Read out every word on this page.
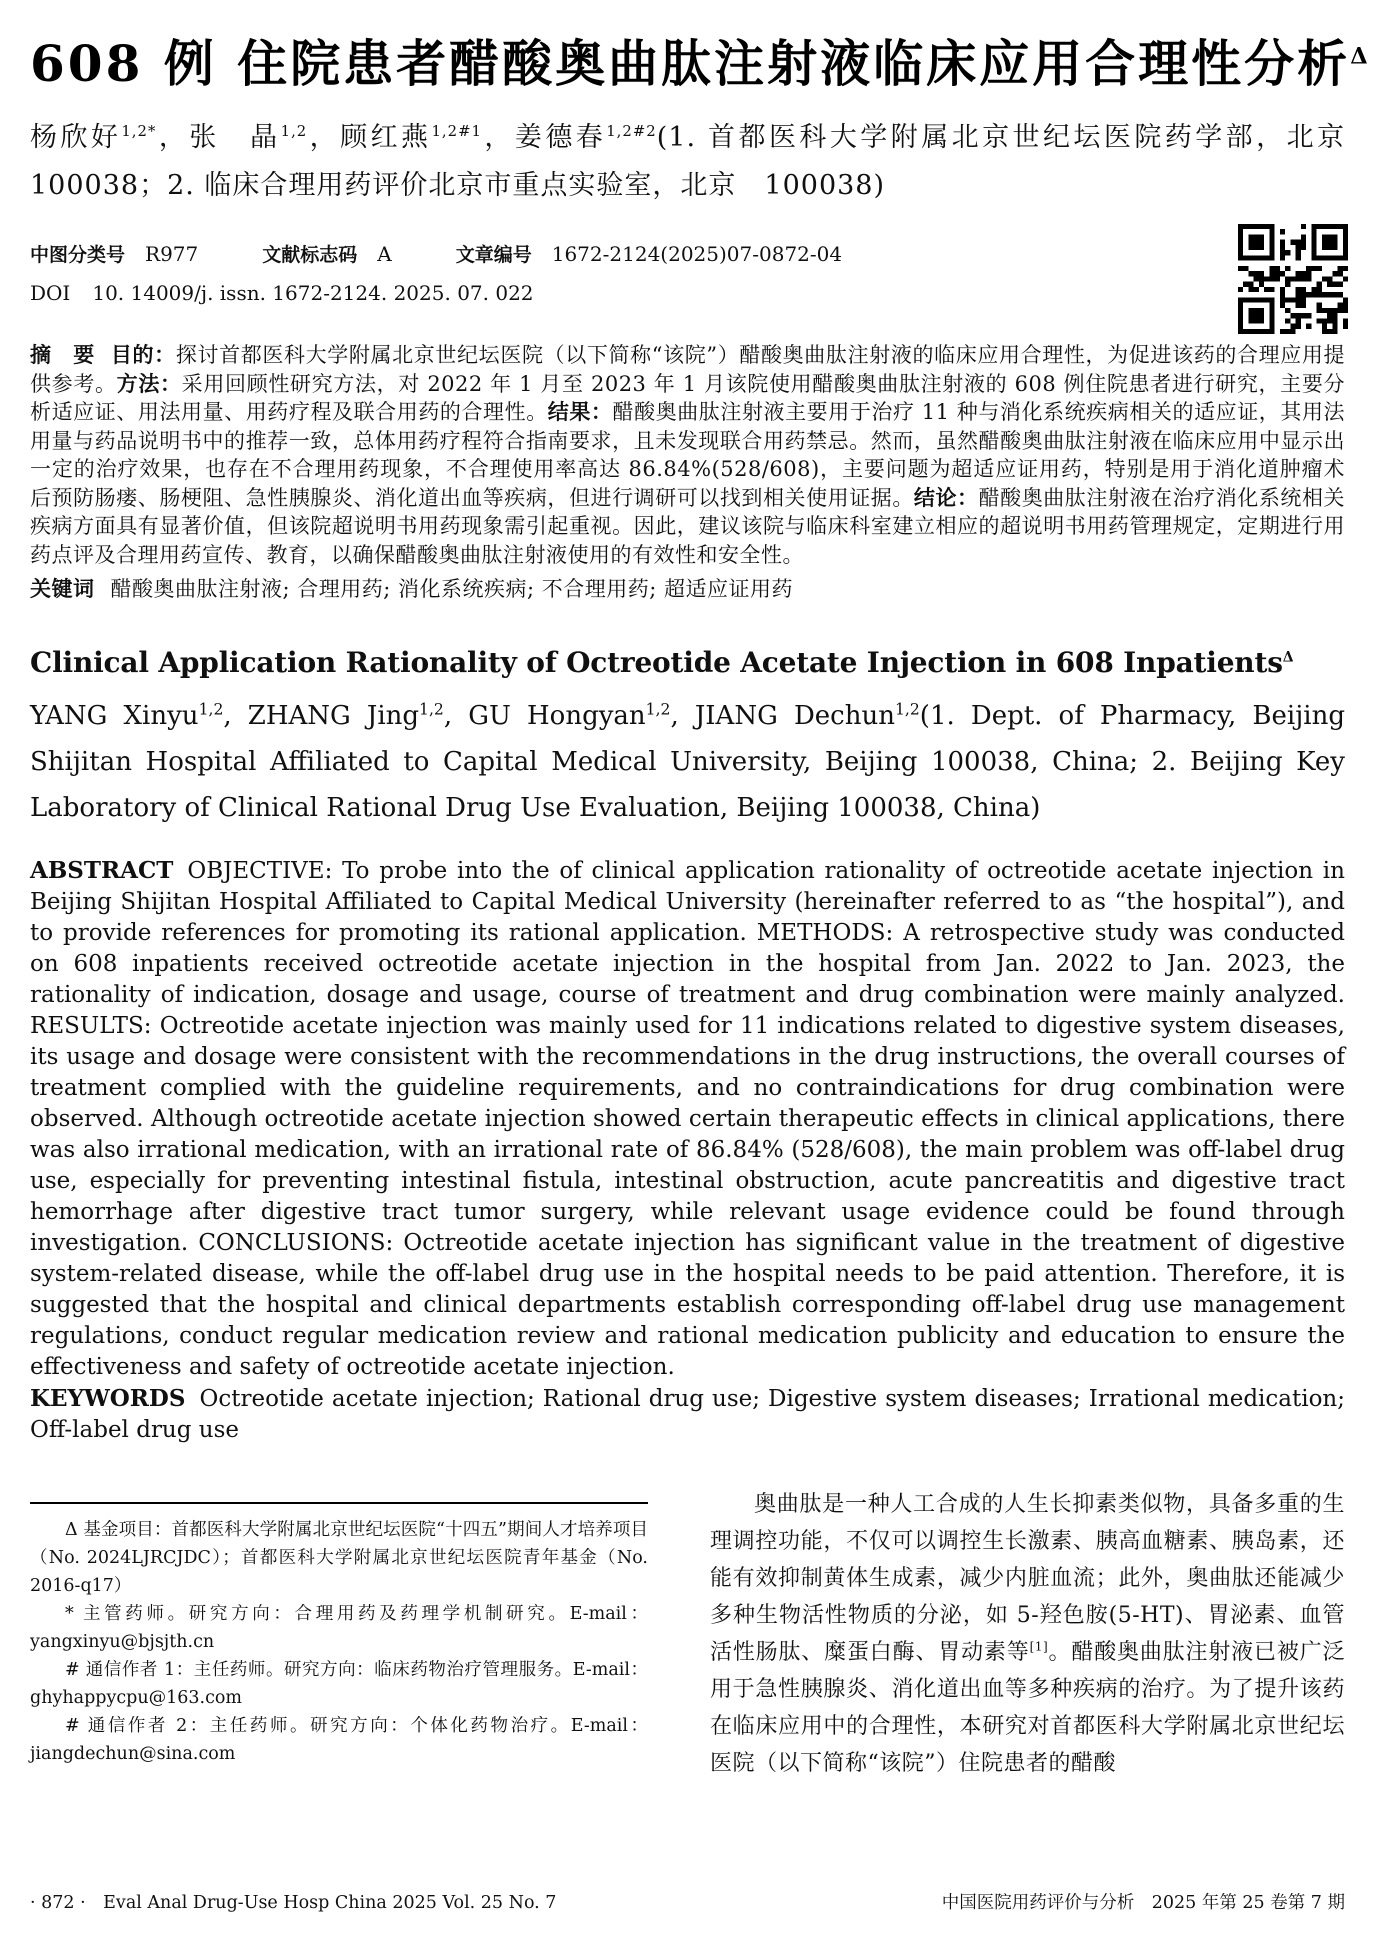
608 例 住院患者醋酸奥曲肽注射液临床应用合理性分析$^\Delta$

杨欣好$^{1,2*}$，张　晶$^{1,2}$，顾红燕$^{1,2\#1}$，姜德春$^{1,2\#2}$(1. 首都医科大学附属北京世纪坛医院药学部，北京　100038；2. 临床合理用药评价北京市重点实验室，北京　100038)

中图分类号 R977	文献标志码 A	文章编号 1672-2124(2025)07-0872-04
DOI 10. 14009/j. issn. 1672-2124. 2025. 07. 022

摘　要 目的：探讨首都医科大学附属北京世纪坛医院（以下简称“该院”）醋酸奥曲肽注射液的临床应用合理性，为促进该药的合理应用提供参考。方法：采用回顾性研究方法，对 2022 年 1 月至 2023 年 1 月该院使用醋酸奥曲肽注射液的 608 例住院患者进行研究，主要分析适应证、用法用量、用药疗程及联合用药的合理性。结果：醋酸奥曲肽注射液主要用于治疗 11 种与消化系统疾病相关的适应证，其用法用量与药品说明书中的推荐一致，总体用药疗程符合指南要求，且未发现联合用药禁忌。然而，虽然醋酸奥曲肽注射液在临床应用中显示出一定的治疗效果，也存在不合理用药现象，不合理使用率高达 86.84%(528/608)，主要问题为超适应证用药，特别是用于消化道肿瘤术后预防肠瘘、肠梗阻、急性胰腺炎、消化道出血等疾病，但进行调研可以找到相关使用证据。结论：醋酸奥曲肽注射液在治疗消化系统相关疾病方面具有显著价值，但该院超说明书用药现象需引起重视。因此，建议该院与临床科室建立相应的超说明书用药管理规定，定期进行用药点评及合理用药宣传、教育，以确保醋酸奥曲肽注射液使用的有效性和安全性。

关键词 醋酸奥曲肽注射液; 合理用药; 消化系统疾病; 不合理用药; 超适应证用药

Clinical Application Rationality of Octreotide Acetate Injection in 608 Inpatients$^\Delta$

YANG Xinyu$^{1,2}$, ZHANG Jing$^{1,2}$, GU Hongyan$^{1,2}$, JIANG Dechun$^{1,2}$(1. Dept. of Pharmacy, Beijing Shijitan Hospital Affiliated to Capital Medical University, Beijing 100038, China; 2. Beijing Key Laboratory of Clinical Rational Drug Use Evaluation, Beijing 100038, China)

ABSTRACT OBJECTIVE: To probe into the of clinical application rationality of octreotide acetate injection in Beijing Shijitan Hospital Affiliated to Capital Medical University (hereinafter referred to as “the hospital”), and to provide references for promoting its rational application. METHODS: A retrospective study was conducted on 608 inpatients received octreotide acetate injection in the hospital from Jan. 2022 to Jan. 2023, the rationality of indication, dosage and usage, course of treatment and drug combination were mainly analyzed. RESULTS: Octreotide acetate injection was mainly used for 11 indications related to digestive system diseases, its usage and dosage were consistent with the recommendations in the drug instructions, the overall courses of treatment complied with the guideline requirements, and no contraindications for drug combination were observed. Although octreotide acetate injection showed certain therapeutic effects in clinical applications, there was also irrational medication, with an irrational rate of 86.84% (528/608), the main problem was off-label drug use, especially for preventing intestinal fistula, intestinal obstruction, acute pancreatitis and digestive tract hemorrhage after digestive tract tumor surgery, while relevant usage evidence could be found through investigation. CONCLUSIONS: Octreotide acetate injection has significant value in the treatment of digestive system-related disease, while the off-label drug use in the hospital needs to be paid attention. Therefore, it is suggested that the hospital and clinical departments establish corresponding off-label drug use management regulations, conduct regular medication review and rational medication publicity and education to ensure the effectiveness and safety of octreotide acetate injection.

KEYWORDS Octreotide acetate injection; Rational drug use; Digestive system diseases; Irrational medication; Off-label drug use

Δ 基金项目：首都医科大学附属北京世纪坛医院“十四五”期间人才培养项目（No. 2024LJRCJDC）；首都医科大学附属北京世纪坛医院青年基金（No. 2016-q17）

* 主管药师。研究方向：合理用药及药理学机制研究。E-mail：yangxinyu@bjsjth.cn

# 通信作者 1：主任药师。研究方向：临床药物治疗管理服务。E-mail：ghyhappycpu@163.com

# 通信作者 2：主任药师。研究方向：个体化药物治疗。E-mail：jiangdechun@sina.com

奥曲肽是一种人工合成的人生长抑素类似物，具备多重的生理调控功能，不仅可以调控生长激素、胰高血糖素、胰岛素，还能有效抑制黄体生成素，减少内脏血流；此外，奥曲肽还能减少多种生物活性物质的分泌，如 5-羟色胺(5-HT)、胃泌素、血管活性肠肽、糜蛋白酶、胃动素等[1]。醋酸奥曲肽注射液已被广泛用于急性胰腺炎、消化道出血等多种疾病的治疗。为了提升该药在临床应用中的合理性，本研究对首都医科大学附属北京世纪坛医院（以下简称“该院”）住院患者的醋酸

· 872 ·　Eval Anal Drug-Use Hosp China 2025 Vol. 25 No. 7	中国医院用药评价与分析　2025 年第 25 卷第 7 期
